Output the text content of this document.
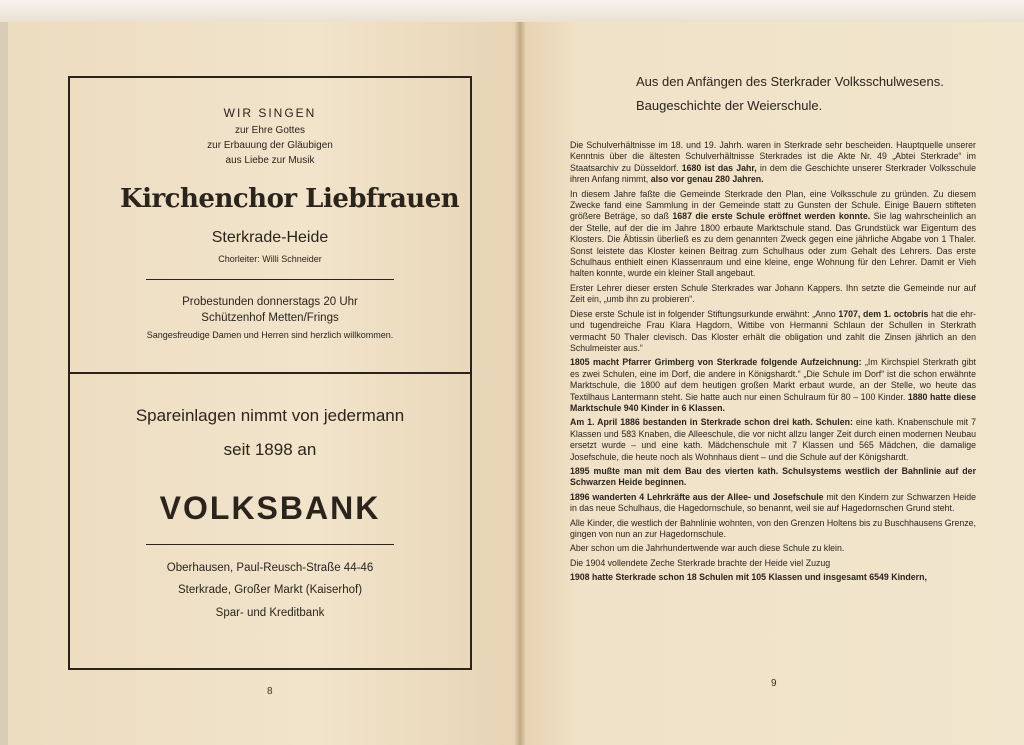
WIR SINGEN
zur Ehre Gottes
zur Erbauung der Gläubigen
aus Liebe zur Musik
Kirchenchor Liebfrauen
Sterkrade-Heide
Chorleiter: Willi Schneider
Probestunden donnerstags 20 Uhr
Schützenhof Metten/Frings
Sangesfreudige Damen und Herren sind herzlich willkommen.
Spareinlagen nimmt von jedermann
seit 1898 an
VOLKSBANK
Oberhausen, Paul-Reusch-Straße 44-46
Sterkrade, Großer Markt (Kaiserhof)
Spar- und Kreditbank
8
Aus den Anfängen des Sterkrader Volksschulwesens.
Baugeschichte der Weierschule.

Die Schulverhältnisse im 18. und 19. Jahrh. waren in Sterkrade sehr bescheiden. Hauptquelle unserer Kenntnis über die ältesten Schulverhältnisse Sterkrades ist die Akte Nr. 49 „Abtei Sterkrade“ im Staatsarchiv zu Düsseldorf. 1680 ist das Jahr, in dem die Geschichte unserer Sterkrader Volksschule ihren Anfang nimmt, also vor genau 280 Jahren.

In diesem Jahre faßte die Gemeinde Sterkrade den Plan, eine Volksschule zu gründen. Zu diesem Zwecke fand eine Sammlung in der Gemeinde statt zu Gunsten der Schule. Einige Bauern stifteten größere Beträge, so daß 1687 die erste Schule eröffnet werden konnte. Sie lag wahrscheinlich an der Stelle, auf der die im Jahre 1800 erbaute Marktschule stand. Das Grundstück war Eigentum des Klosters. Die Äbtissin überließ es zu dem genannten Zweck gegen eine jährliche Abgabe von 1 Thaler. Sonst leistete das Kloster keinen Beitrag zum Schulhaus oder zum Gehalt des Lehrers. Das erste Schulhaus enthielt einen Klassenraum und eine kleine, enge Wohnung für den Lehrer. Damit er Vieh halten konnte, wurde ein kleiner Stall angebaut.

Erster Lehrer dieser ersten Schule Sterkrades war Johann Kappers. Ihn setzte die Gemeinde nur auf Zeit ein, „umb ihn zu probieren“.

Diese erste Schule ist in folgender Stiftungsurkunde erwähnt: „Anno 1707, dem 1. octobris hat die ehr- und tugendreiche Frau Klara Hagdorn, Wittibe von Hermanni Schlaun der Schullen in Sterkrath vermacht 50 Thaler clevisch. Das Kloster erhält die obligation und zahlt die Zinsen jährlich an den Schulmeister aus.“

1805 macht Pfarrer Grimberg von Sterkrade folgende Aufzeichnung: „Im Kirchspiel Sterkrath gibt es zwei Schulen, eine im Dorf, die andere in Königshardt.“ „Die Schule im Dorf“ ist die schon erwähnte Marktschule, die 1800 auf dem heutigen großen Markt erbaut wurde, an der Stelle, wo heute das Textilhaus Lantermann steht. Sie hatte auch nur einen Schulraum für 80 – 100 Kinder. 1880 hatte diese Marktschule 940 Kinder in 6 Klassen.

Am 1. April 1886 bestanden in Sterkrade schon drei kath. Schulen: eine kath. Knabenschule mit 7 Klassen und 583 Knaben, die Alleeschule, die vor nicht allzu langer Zeit durch einen modernen Neubau ersetzt wurde – und eine kath. Mädchenschule mit 7 Klassen und 565 Mädchen, die damalige Josefschule, die heute noch als Wohnhaus dient – und die Schule auf der Königshardt.

1895 mußte man mit dem Bau des vierten kath. Schulsystems westlich der Bahnlinie auf der Schwarzen Heide beginnen.

1896 wanderten 4 Lehrkräfte aus der Allee- und Josefschule mit den Kindern zur Schwarzen Heide in das neue Schulhaus, die Hagedornschule, so benannt, weil sie auf Hagedornschen Grund steht.

Alle Kinder, die westlich der Bahnlinie wohnten, von den Grenzen Holtens bis zu Buschhausens Grenze, gingen von nun an zur Hagedornschule.

Aber schon um die Jahrhundertwende war auch diese Schule zu klein.

Die 1904 vollendete Zeche Sterkrade brachte der Heide viel Zuzug

1908 hatte Sterkrade schon 18 Schulen mit 105 Klassen und insgesamt 6549 Kindern,

9
